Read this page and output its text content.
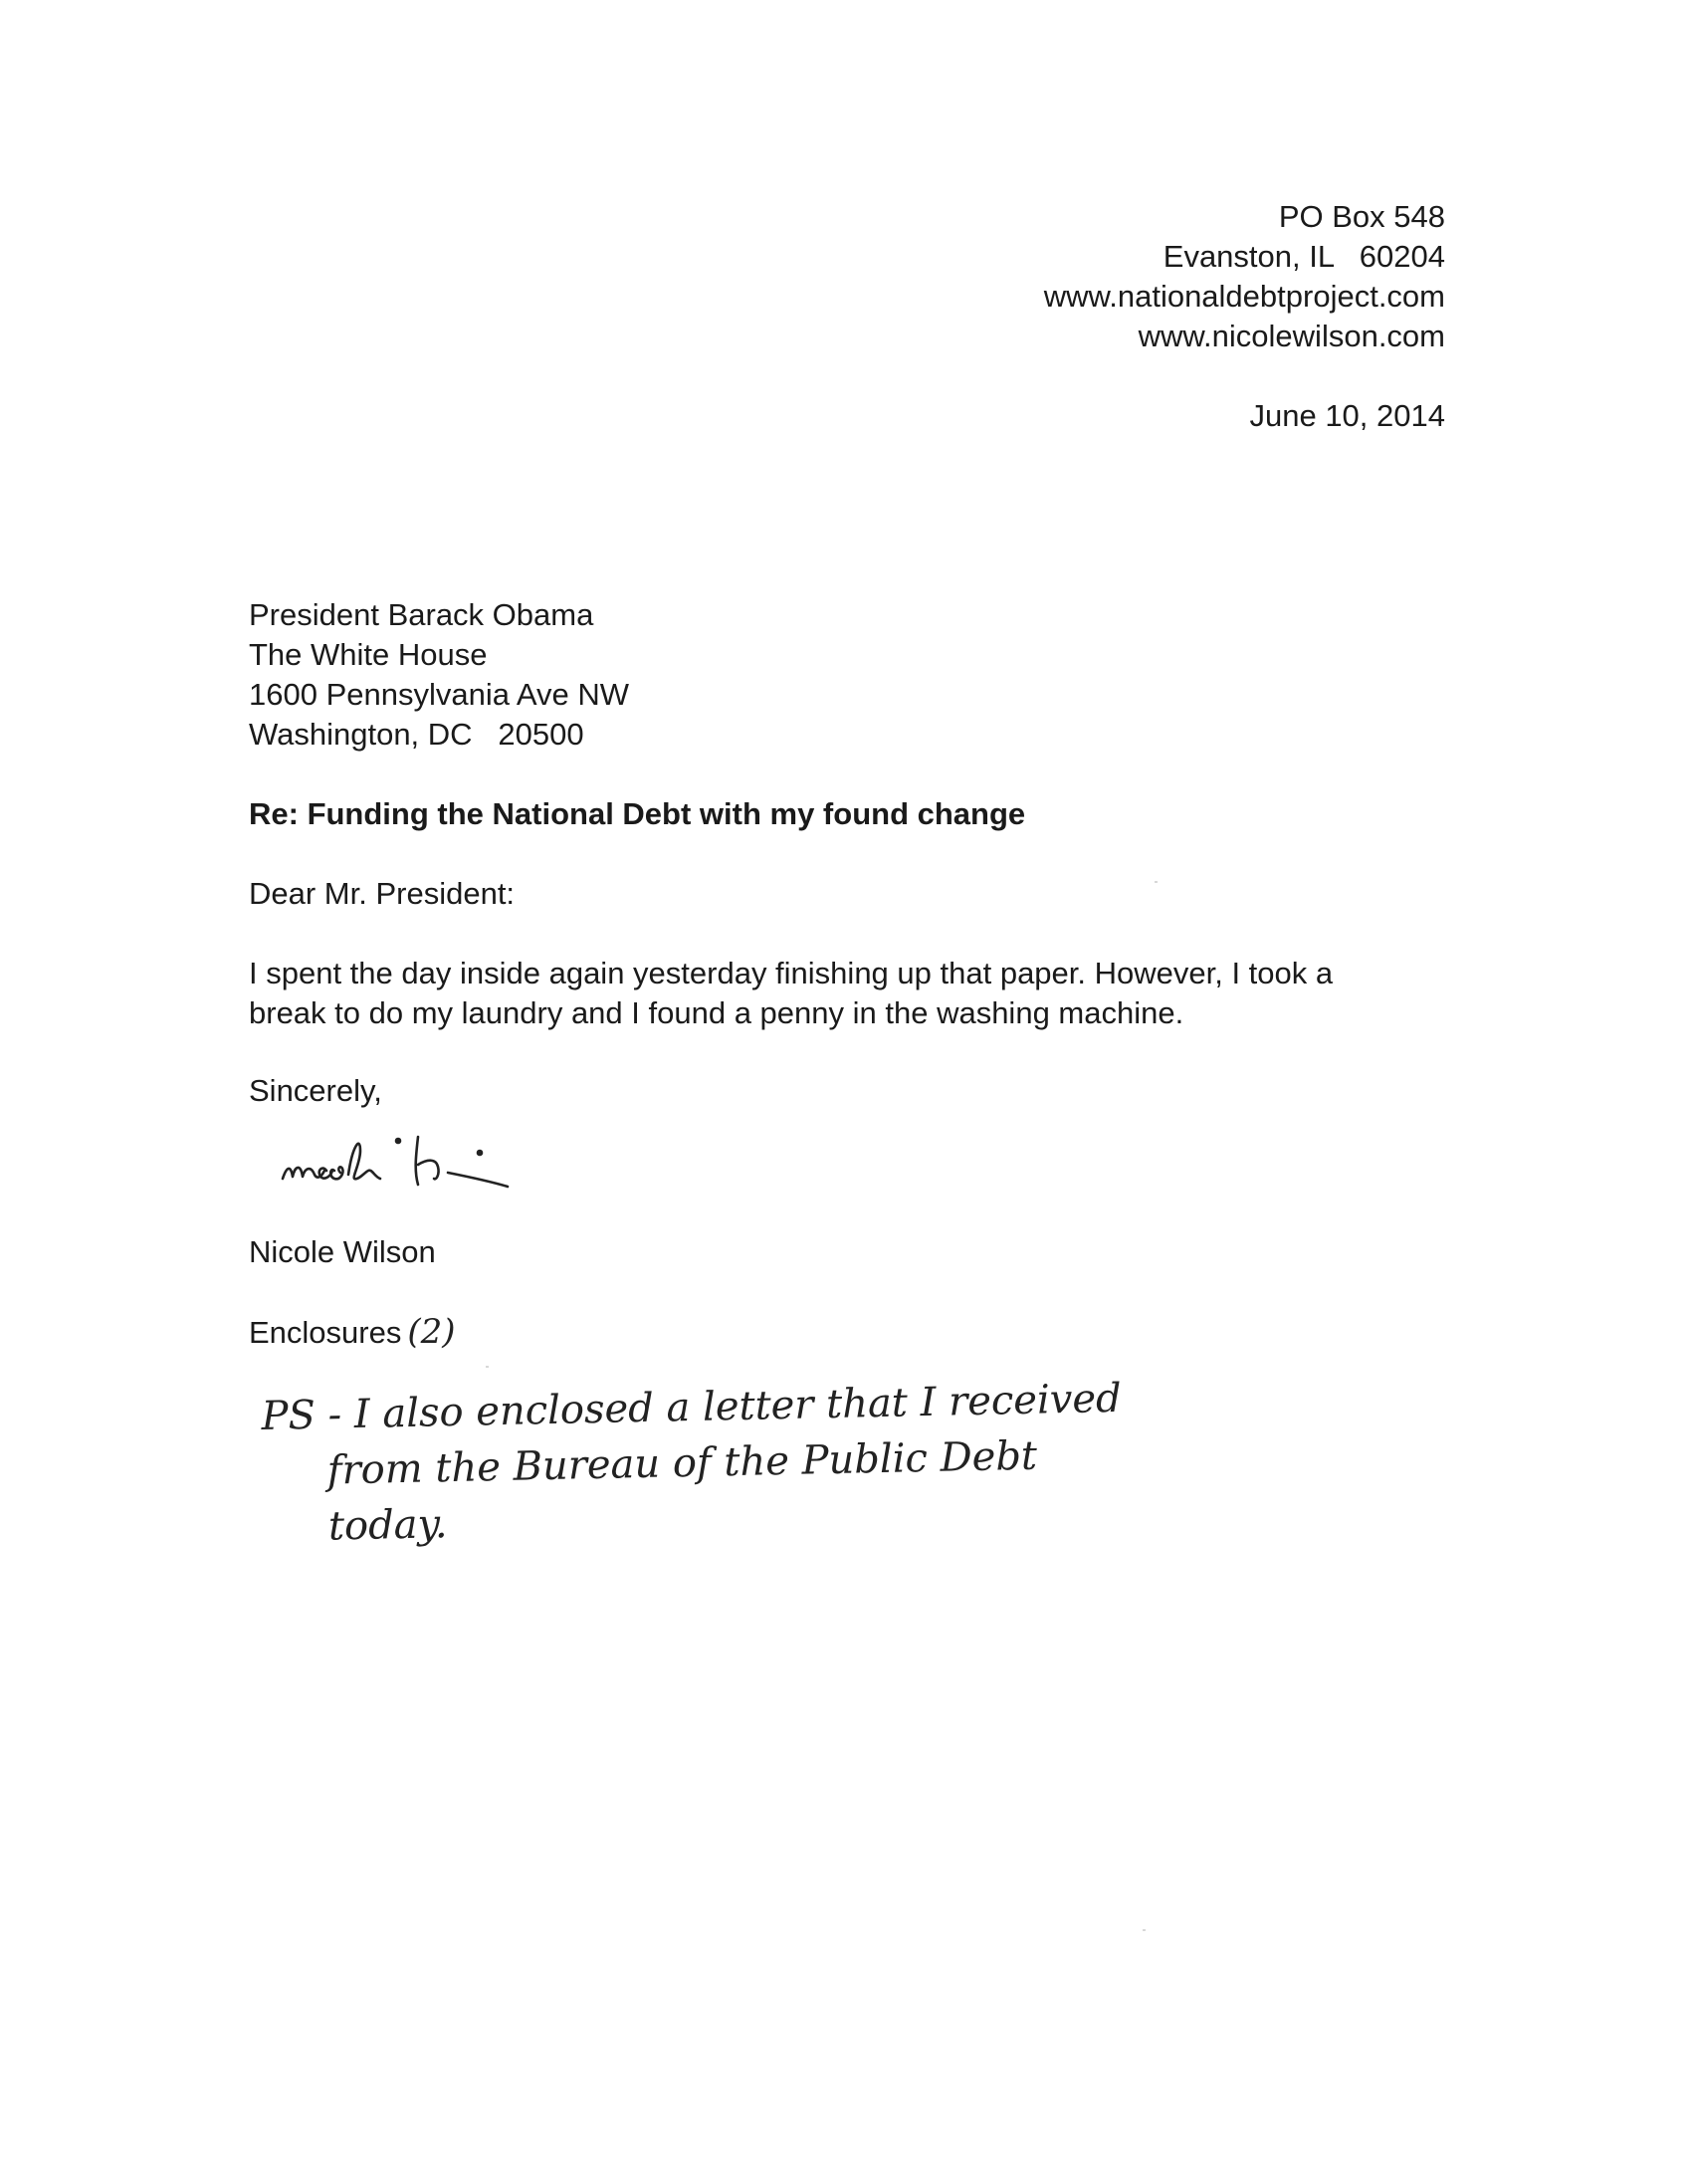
PO Box 548
Evanston, IL   60204
www.nationaldebtproject.com
www.nicolewilson.com
June 10, 2014
President Barack Obama
The White House
1600 Pennsylvania Ave NW
Washington, DC   20500
Re: Funding the National Debt with my found change
Dear Mr. President:
I spent the day inside again yesterday finishing up that paper. However, I took a
break to do my laundry and I found a penny in the washing machine.
Sincerely,
Nicole Wilson
Enclosures (2)
PS - I also enclosed a letter that I received
from the Bureau of the Public Debt
today.
